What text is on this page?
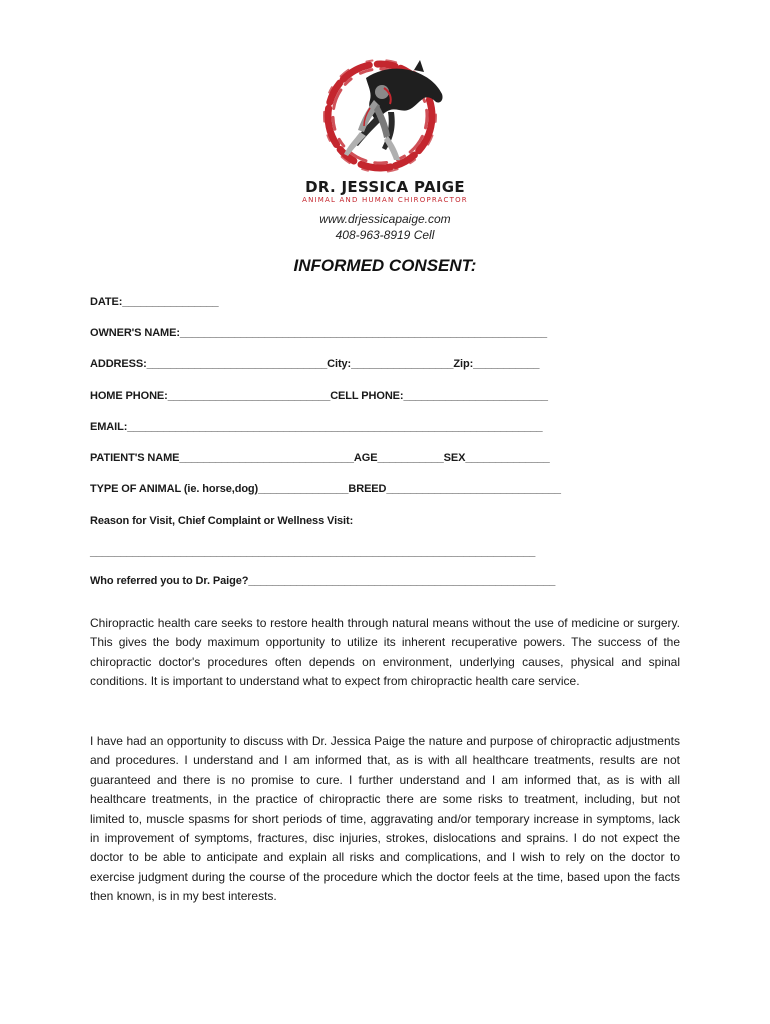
DR. JESSICA PAIGE
ANIMAL AND HUMAN CHIROPRACTOR
www.drjessicapaige.com
408-963-8919 Cell
INFORMED CONSENT:
DATE:________________
OWNER'S NAME:_____________________________________________________________
ADDRESS:______________________________City:_________________Zip:___________
HOME PHONE:___________________________CELL PHONE:________________________
EMAIL:_____________________________________________________________________
PATIENT'S NAME_____________________________AGE___________SEX______________
TYPE OF ANIMAL (ie. horse,dog)_______________BREED_____________________________
Reason for Visit, Chief Complaint or Wellness Visit:
__________________________________________________________________________
Who referred you to Dr. Paige?___________________________________________________
Chiropractic health care seeks to restore health through natural means without the use of medicine or surgery. This gives the body maximum opportunity to utilize its inherent recuperative powers. The success of the chiropractic doctor's procedures often depends on environment, underlying causes, physical and spinal conditions. It is important to understand what to expect from chiropractic health care service.
I have had an opportunity to discuss with Dr. Jessica Paige the nature and purpose of chiropractic adjustments and procedures. I understand and I am informed that, as is with all healthcare treatments, results are not guaranteed and there is no promise to cure. I further understand and I am informed that, as is with all healthcare treatments, in the practice of chiropractic there are some risks to treatment, including, but not limited to, muscle spasms for short periods of time, aggravating and/or temporary increase in symptoms, lack in improvement of symptoms, fractures, disc injuries, strokes, dislocations and sprains. I do not expect the doctor to be able to anticipate and explain all risks and complications, and I wish to rely on the doctor to exercise judgment during the course of the procedure which the doctor feels at the time, based upon the facts then known, is in my best interests.
